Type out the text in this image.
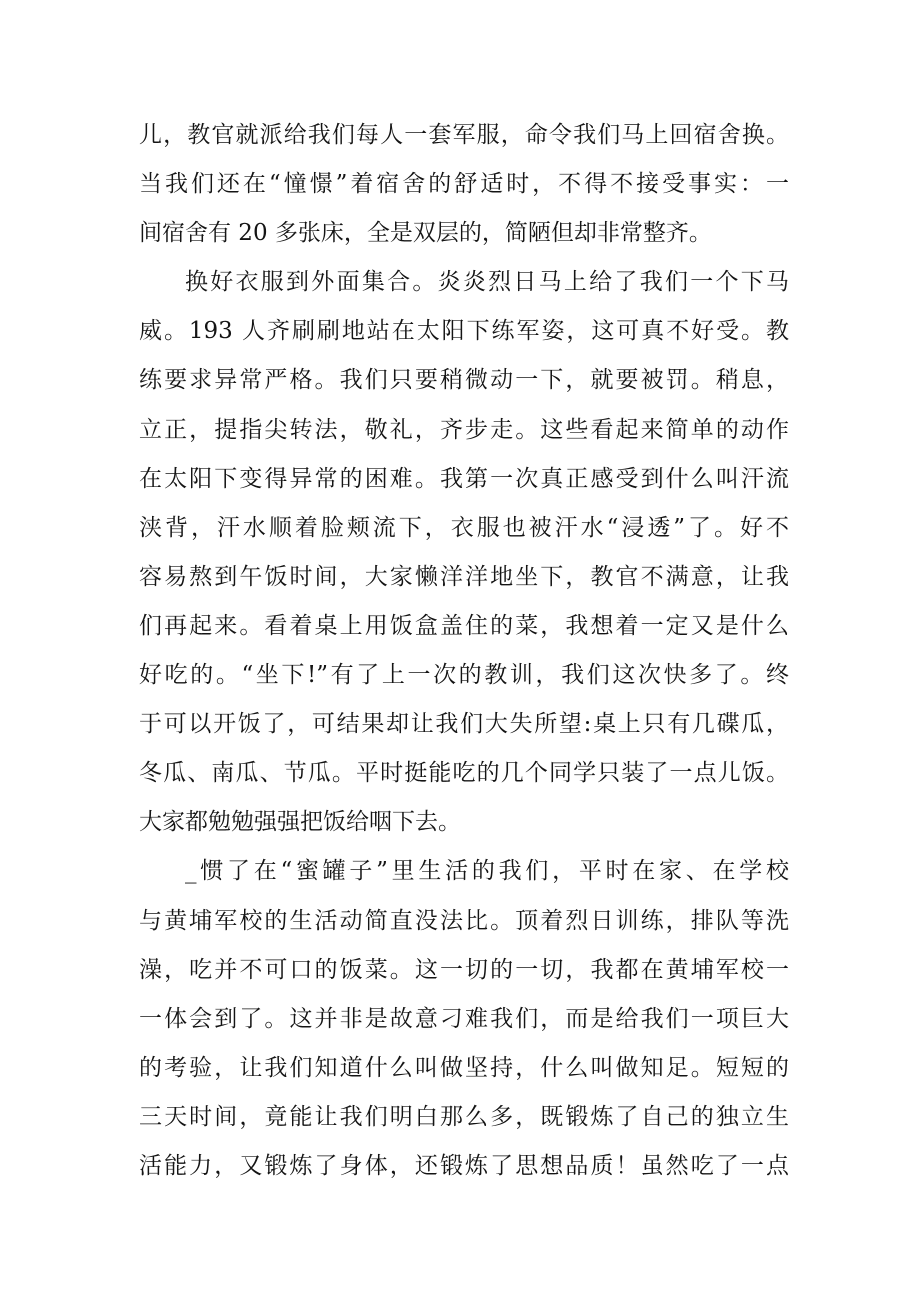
儿，教官就派给我们每人一套军服，命令我们马上回宿舍换。
当我们还在“憧憬”着宿舍的舒适时，不得不接受事实：一
间宿舍有 20 多张床，全是双层的，简陋但却非常整齐。
换好衣服到外面集合。炎炎烈日马上给了我们一个下马
威。193 人齐刷刷地站在太阳下练军姿，这可真不好受。教
练要求异常严格。我们只要稍微动一下，就要被罚。稍息，
立正，提指尖转法，敬礼，齐步走。这些看起来简单的动作
在太阳下变得异常的困难。我第一次真正感受到什么叫汗流
浃背，汗水顺着脸颊流下，衣服也被汗水“浸透”了。好不
容易熬到午饭时间，大家懒洋洋地坐下，教官不满意，让我
们再起来。看着桌上用饭盒盖住的菜，我想着一定又是什么
好吃的。“坐下!”有了上一次的教训，我们这次快多了。终
于可以开饭了，可结果却让我们大失所望:桌上只有几碟瓜，
冬瓜、南瓜、节瓜。平时挺能吃的几个同学只装了一点儿饭。
大家都勉勉强强把饭给咽下去。
_惯了在“蜜罐子”里生活的我们，平时在家、在学校
与黄埔军校的生活动简直没法比。顶着烈日训练，排队等洗
澡，吃并不可口的饭菜。这一切的一切，我都在黄埔军校一
一体会到了。这并非是故意刁难我们，而是给我们一项巨大
的考验，让我们知道什么叫做坚持，什么叫做知足。短短的
三天时间，竟能让我们明白那么多，既锻炼了自己的独立生
活能力，又锻炼了身体，还锻炼了思想品质！虽然吃了一点
